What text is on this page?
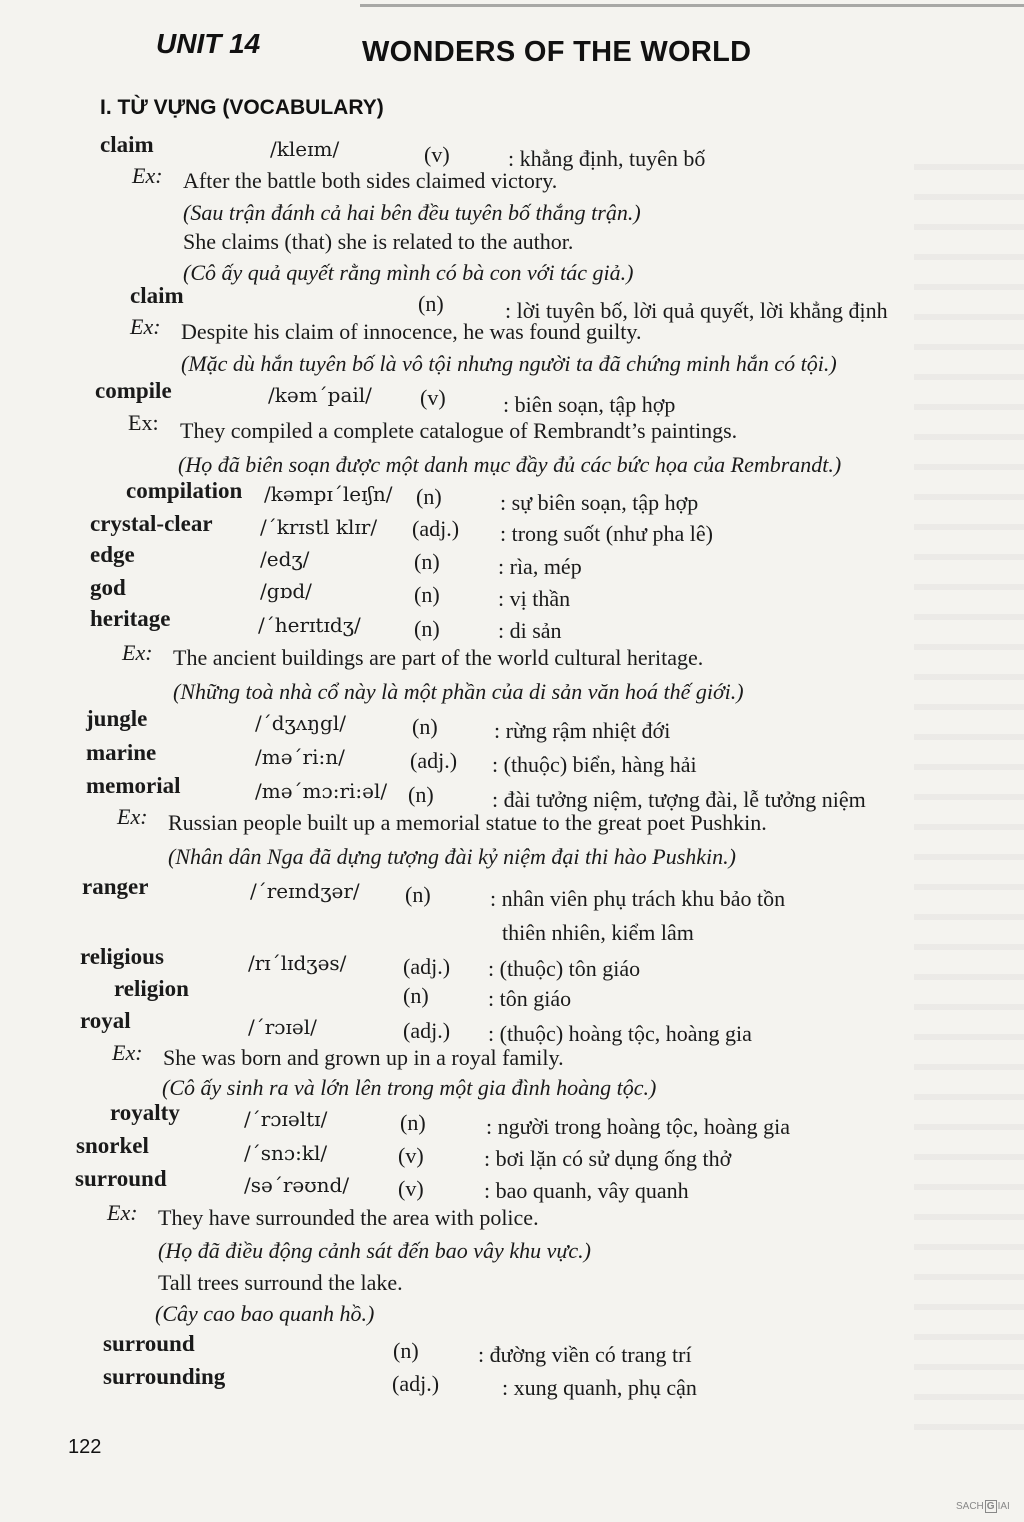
UNIT 14	WONDERS OF THE WORLD
I. TỪ VỰNG (VOCABULARY)
claim	/kleɪm/	(v)	: khẳng định, tuyên bố
Ex: After the battle both sides claimed victory.
(Sau trận đánh cả hai bên đều tuyên bố thắng trận.)
She claims (that) she is related to the author.
(Cô ấy quả quyết rằng mình có bà con với tác giả.)
claim	(n)	: lời tuyên bố, lời quả quyết, lời khẳng định
Ex: Despite his claim of innocence, he was found guilty.
(Mặc dù hắn tuyên bố là vô tội nhưng người ta đã chứng minh hắn có tội.)
compile	/kəm´pail/ (v)	: biên soạn, tập hợp
Ex: They compiled a complete catalogue of Rembrandt’s paintings.
(Họ đã biên soạn được một danh mục đầy đủ các bức họa của Rembrandt.)
compilation /kəmpɪ´leɪʃn/ (n)	: sự biên soạn, tập hợp
crystal-clear /´krɪstl klɪr/ (adj.) : trong suốt (như pha lê)
edge	/edʒ/	(n)	: rìa, mép
god	/gɒd/	(n)	: vị thần
heritage	/´herɪtɪdʒ/ (n)	: di sản
Ex: The ancient buildings are part of the world cultural heritage.
(Những toà nhà cổ này là một phần của di sản văn hoá thế giới.)
jungle	/´dʒʌŋgl/	(n)	: rừng rậm nhiệt đới
marine	/mə´ri:n/	(adj.) : (thuộc) biển, hàng hải
memorial	/mə´mɔ:ri:əl/ (n)	: đài tưởng niệm, tượng đài, lễ tưởng niệm
Ex: Russian people built up a memorial statue to the great poet Pushkin.
(Nhân dân Nga đã dựng tượng đài kỷ niệm đại thi hào Pushkin.)
ranger	/´reɪndʒər/ (n)	: nhân viên phụ trách khu bảo tồn
thiên nhiên, kiểm lâm
religious	/rɪ´lɪdʒəs/	(adj.) : (thuộc) tôn giáo
religion	(n)	: tôn giáo
royal	/´rɔɪəl/	(adj.) : (thuộc) hoàng tộc, hoàng gia
Ex: She was born and grown up in a royal family.
(Cô ấy sinh ra và lớn lên trong một gia đình hoàng tộc.)
royalty	/´rɔɪəltɪ/	(n)	: người trong hoàng tộc, hoàng gia
snorkel	/´snɔ:kl/	(v)	: bơi lặn có sử dụng ống thở
surround	/sə´rəʊnd/ (v)	: bao quanh, vây quanh
Ex: They have surrounded the area with police.
(Họ đã điều động cảnh sát đến bao vây khu vực.)
Tall trees surround the lake.
(Cây cao bao quanh hồ.)
surround	(n)	: đường viền có trang trí
surrounding	(adj.)	: xung quanh, phụ cận
122
SACH G IAI
